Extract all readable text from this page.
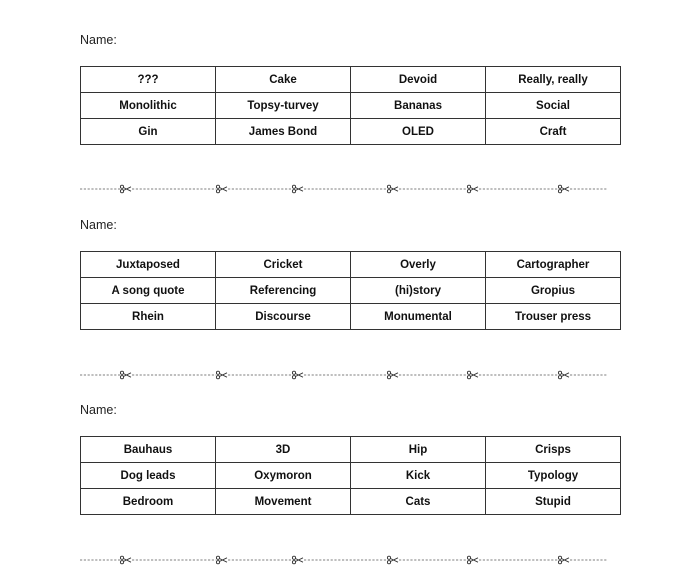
Name:
???	Cake	Devoid	Really, really
Monolithic	Topsy-turvey	Bananas	Social
Gin	James Bond	OLED	Craft
Name:
Juxtaposed	Cricket	Overly	Cartographer
A song quote	Referencing	(hi)story	Gropius
Rhein	Discourse	Monumental	Trouser press
Name:
Bauhaus	3D	Hip	Crisps
Dog leads	Oxymoron	Kick	Typology
Bedroom	Movement	Cats	Stupid
